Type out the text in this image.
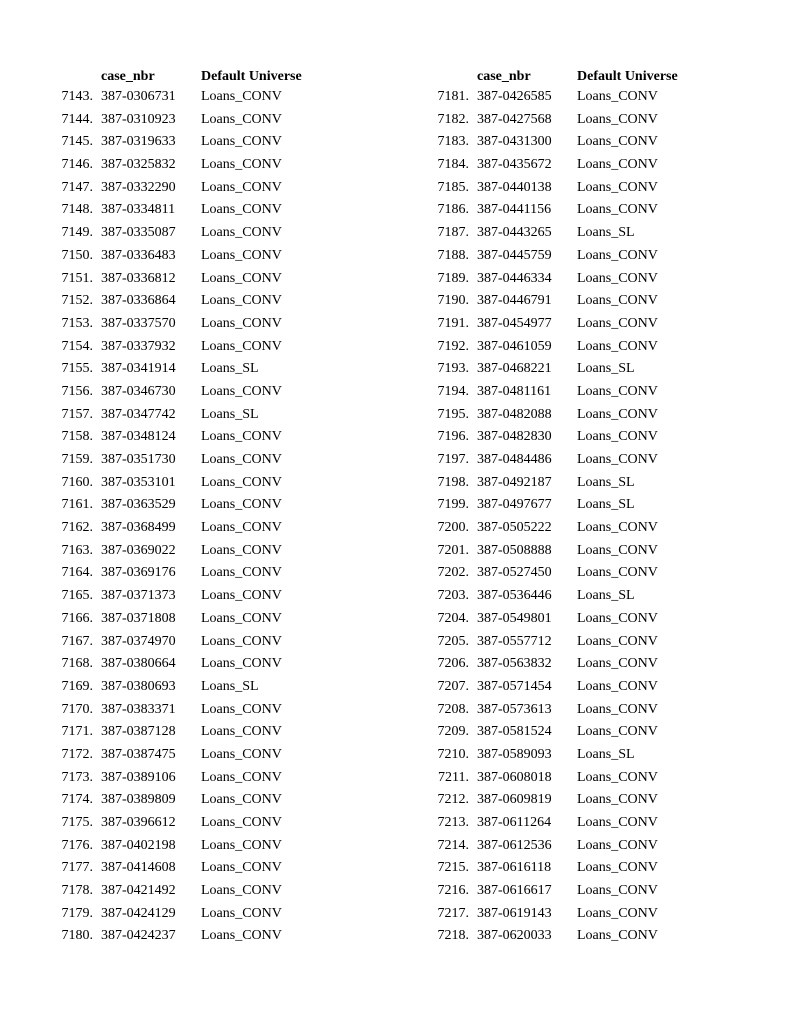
case_nbr	Default Universe
7143. 387-0306731 Loans_CONV
7144. 387-0310923 Loans_CONV
7145. 387-0319633 Loans_CONV
7146. 387-0325832 Loans_CONV
7147. 387-0332290 Loans_CONV
7148. 387-0334811 Loans_CONV
7149. 387-0335087 Loans_CONV
7150. 387-0336483 Loans_CONV
7151. 387-0336812 Loans_CONV
7152. 387-0336864 Loans_CONV
7153. 387-0337570 Loans_CONV
7154. 387-0337932 Loans_CONV
7155. 387-0341914 Loans_SL
7156. 387-0346730 Loans_CONV
7157. 387-0347742 Loans_SL
7158. 387-0348124 Loans_CONV
7159. 387-0351730 Loans_CONV
7160. 387-0353101 Loans_CONV
7161. 387-0363529 Loans_CONV
7162. 387-0368499 Loans_CONV
7163. 387-0369022 Loans_CONV
7164. 387-0369176 Loans_CONV
7165. 387-0371373 Loans_CONV
7166. 387-0371808 Loans_CONV
7167. 387-0374970 Loans_CONV
7168. 387-0380664 Loans_CONV
7169. 387-0380693 Loans_SL
7170. 387-0383371 Loans_CONV
7171. 387-0387128 Loans_CONV
7172. 387-0387475 Loans_CONV
7173. 387-0389106 Loans_CONV
7174. 387-0389809 Loans_CONV
7175. 387-0396612 Loans_CONV
7176. 387-0402198 Loans_CONV
7177. 387-0414608 Loans_CONV
7178. 387-0421492 Loans_CONV
7179. 387-0424129 Loans_CONV
7180. 387-0424237 Loans_CONV
case_nbr	Default Universe
7181. 387-0426585 Loans_CONV
7182. 387-0427568 Loans_CONV
7183. 387-0431300 Loans_CONV
7184. 387-0435672 Loans_CONV
7185. 387-0440138 Loans_CONV
7186. 387-0441156 Loans_CONV
7187. 387-0443265 Loans_SL
7188. 387-0445759 Loans_CONV
7189. 387-0446334 Loans_CONV
7190. 387-0446791 Loans_CONV
7191. 387-0454977 Loans_CONV
7192. 387-0461059 Loans_CONV
7193. 387-0468221 Loans_SL
7194. 387-0481161 Loans_CONV
7195. 387-0482088 Loans_CONV
7196. 387-0482830 Loans_CONV
7197. 387-0484486 Loans_CONV
7198. 387-0492187 Loans_SL
7199. 387-0497677 Loans_SL
7200. 387-0505222 Loans_CONV
7201. 387-0508888 Loans_CONV
7202. 387-0527450 Loans_CONV
7203. 387-0536446 Loans_SL
7204. 387-0549801 Loans_CONV
7205. 387-0557712 Loans_CONV
7206. 387-0563832 Loans_CONV
7207. 387-0571454 Loans_CONV
7208. 387-0573613 Loans_CONV
7209. 387-0581524 Loans_CONV
7210. 387-0589093 Loans_SL
7211. 387-0608018 Loans_CONV
7212. 387-0609819 Loans_CONV
7213. 387-0611264 Loans_CONV
7214. 387-0612536 Loans_CONV
7215. 387-0616118 Loans_CONV
7216. 387-0616617 Loans_CONV
7217. 387-0619143 Loans_CONV
7218. 387-0620033 Loans_CONV
